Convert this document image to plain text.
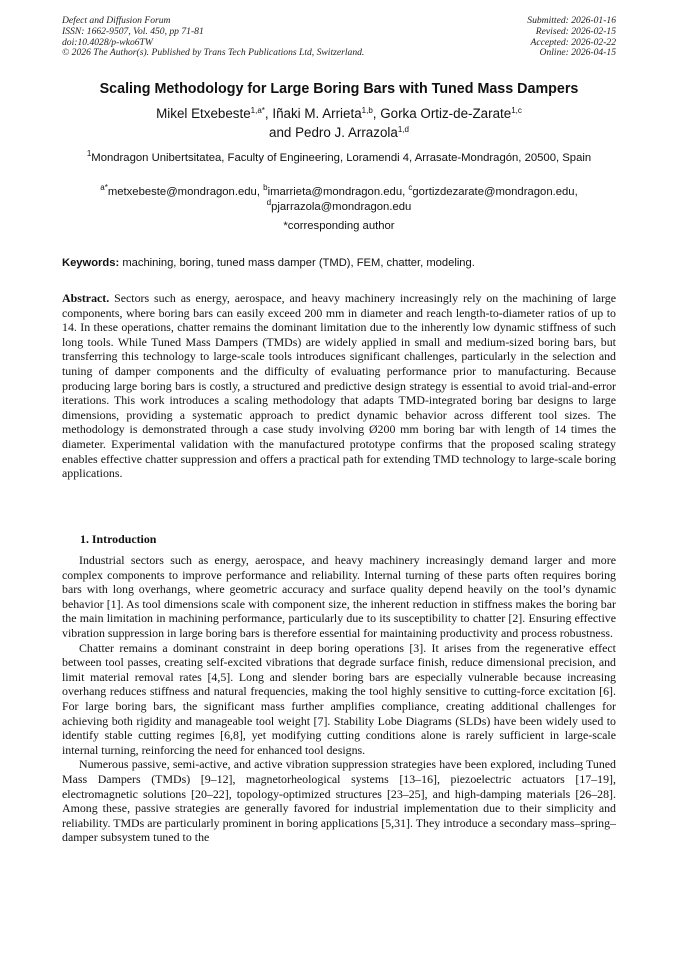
Defect and Diffusion Forum
ISSN: 1662-9507, Vol. 450, pp 71-81
doi:10.4028/p-wko6TW
© 2026 The Author(s). Published by Trans Tech Publications Ltd, Switzerland.
Submitted: 2026-01-16
Revised: 2026-02-15
Accepted: 2026-02-22
Online: 2026-04-15
Scaling Methodology for Large Boring Bars with Tuned Mass Dampers
Mikel Etxebeste$^{1,a*}$, Iñaki M. Arrieta$^{1,b}$, Gorka Ortiz-de-Zarate$^{1,c}$
and Pedro J. Arrazola$^{1,d}$
$^1$Mondragon Unibertsitatea, Faculty of Engineering, Loramendi 4, Arrasate-Mondragón, 20500, Spain
$^{a*}$metxebeste@mondragon.edu, $^b$imarrieta@mondragon.edu, $^c$gortizdezarate@mondragon.edu,
$^d$pjarrazola@mondragon.edu
*corresponding author
Keywords: machining, boring, tuned mass damper (TMD), FEM, chatter, modeling.
Abstract. Sectors such as energy, aerospace, and heavy machinery increasingly rely on the machining of large components, where boring bars can easily exceed 200 mm in diameter and reach length-to-diameter ratios of up to 14. In these operations, chatter remains the dominant limitation due to the inherently low dynamic stiffness of such long tools. While Tuned Mass Dampers (TMDs) are widely applied in small and medium-sized boring bars, but transferring this technology to large-scale tools introduces significant challenges, particularly in the selection and tuning of damper components and the difficulty of evaluating performance prior to manufacturing. Because producing large boring bars is costly, a structured and predictive design strategy is essential to avoid trial-and-error iterations. This work introduces a scaling methodology that adapts TMD-integrated boring bar designs to large dimensions, providing a systematic approach to predict dynamic behavior across different tool sizes. The methodology is demonstrated through a case study involving Ø200 mm boring bar with length of 14 times the diameter. Experimental validation with the manufactured prototype confirms that the proposed scaling strategy enables effective chatter suppression and offers a practical path for extending TMD technology to large-scale boring applications.
1. Introduction

Industrial sectors such as energy, aerospace, and heavy machinery increasingly demand larger and more complex components to improve performance and reliability. Internal turning of these parts often requires boring bars with long overhangs, where geometric accuracy and surface quality depend heavily on the tool’s dynamic behavior [1]. As tool dimensions scale with component size, the inherent reduction in stiffness makes the boring bar the main limitation in machining performance, particularly due to its susceptibility to chatter [2]. Ensuring effective vibration suppression in large boring bars is therefore essential for maintaining productivity and process robustness.

Chatter remains a dominant constraint in deep boring operations [3]. It arises from the regenerative effect between tool passes, creating self-excited vibrations that degrade surface finish, reduce dimensional precision, and limit material removal rates [4,5]. Long and slender boring bars are especially vulnerable because increasing overhang reduces stiffness and natural frequencies, making the tool highly sensitive to cutting-force excitation [6]. For large boring bars, the significant mass further amplifies compliance, creating additional challenges for achieving both rigidity and manageable tool weight [7]. Stability Lobe Diagrams (SLDs) have been widely used to identify stable cutting regimes [6,8], yet modifying cutting conditions alone is rarely sufficient in large-scale internal turning, reinforcing the need for enhanced tool designs.

Numerous passive, semi-active, and active vibration suppression strategies have been explored, including Tuned Mass Dampers (TMDs) [9–12], magnetorheological systems [13–16], piezoelectric actuators [17–19], electromagnetic solutions [20–22], topology-optimized structures [23–25], and high-damping materials [26–28]. Among these, passive strategies are generally favored for industrial implementation due to their simplicity and reliability. TMDs are particularly prominent in boring applications [5,31]. They introduce a secondary mass–spring–damper subsystem tuned to the
